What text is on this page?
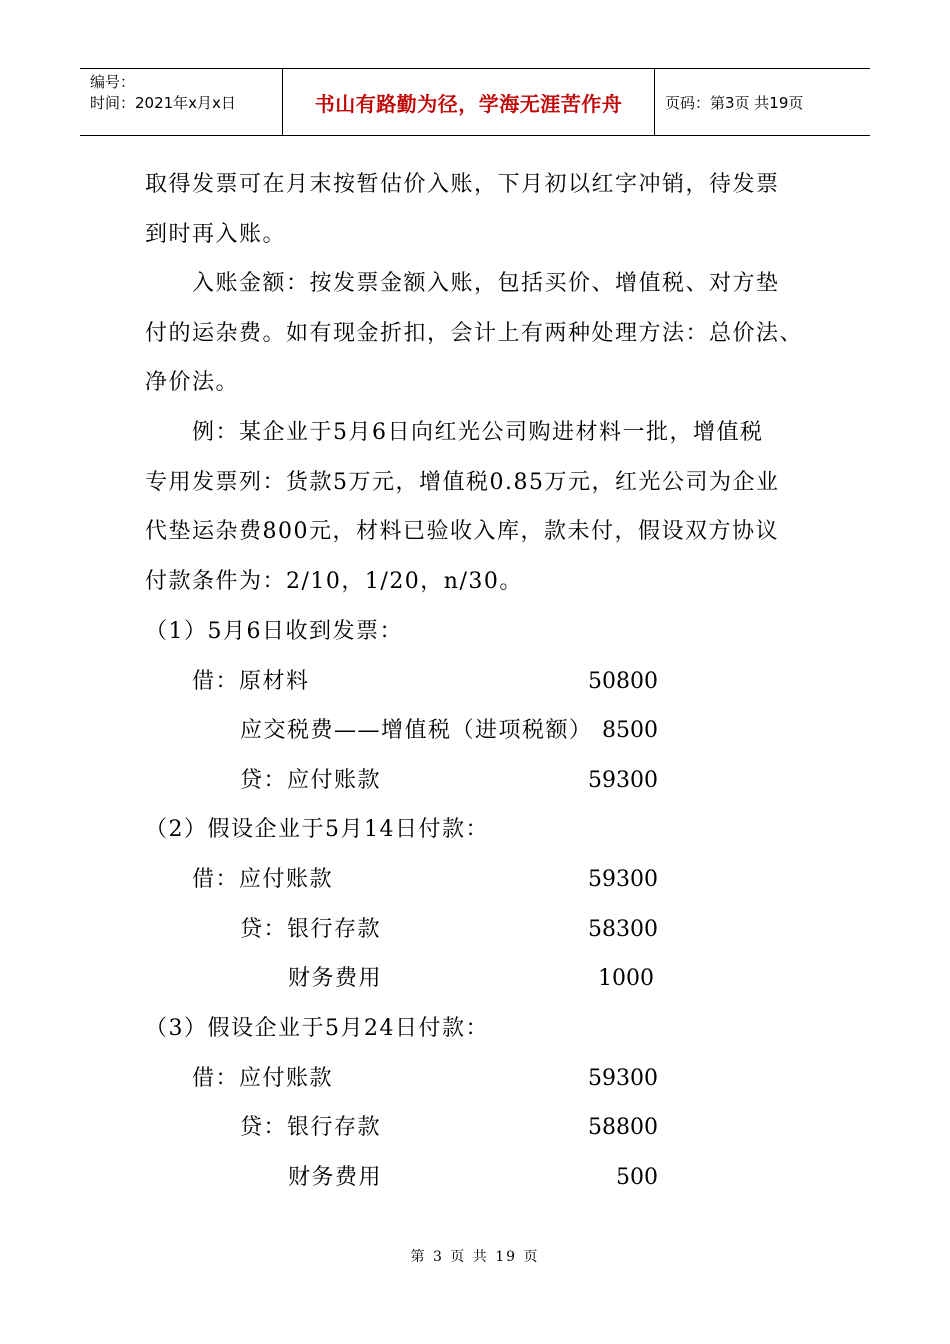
编号：
时间：2021年x月x日	书山有路勤为径，学海无涯苦作舟	页码：第3页 共19页
取得发票可在月末按暂估价入账，下月初以红字冲销，待发票
到时再入账。
入账金额：按发票金额入账，包括买价、增值税、对方垫
付的运杂费。如有现金折扣，会计上有两种处理方法：总价法、
净价法。
例：某企业于5月6日向红光公司购进材料一批，增值税
专用发票列：货款5万元，增值税0.85万元，红光公司为企业
代垫运杂费800元，材料已验收入库，款未付，假设双方协议
付款条件为：2/10，1/20，n/30。
（1）5月6日收到发票：
借：原材料	50800
应交税费——增值税（进项税额） 8500
贷：应付账款	59300
（2）假设企业于5月14日付款：
借：应付账款	59300
贷：银行存款	58300
财务费用	1000
（3）假设企业于5月24日付款：
借：应付账款	59300
贷：银行存款	58800
财务费用	500
第 3 页 共 19 页
